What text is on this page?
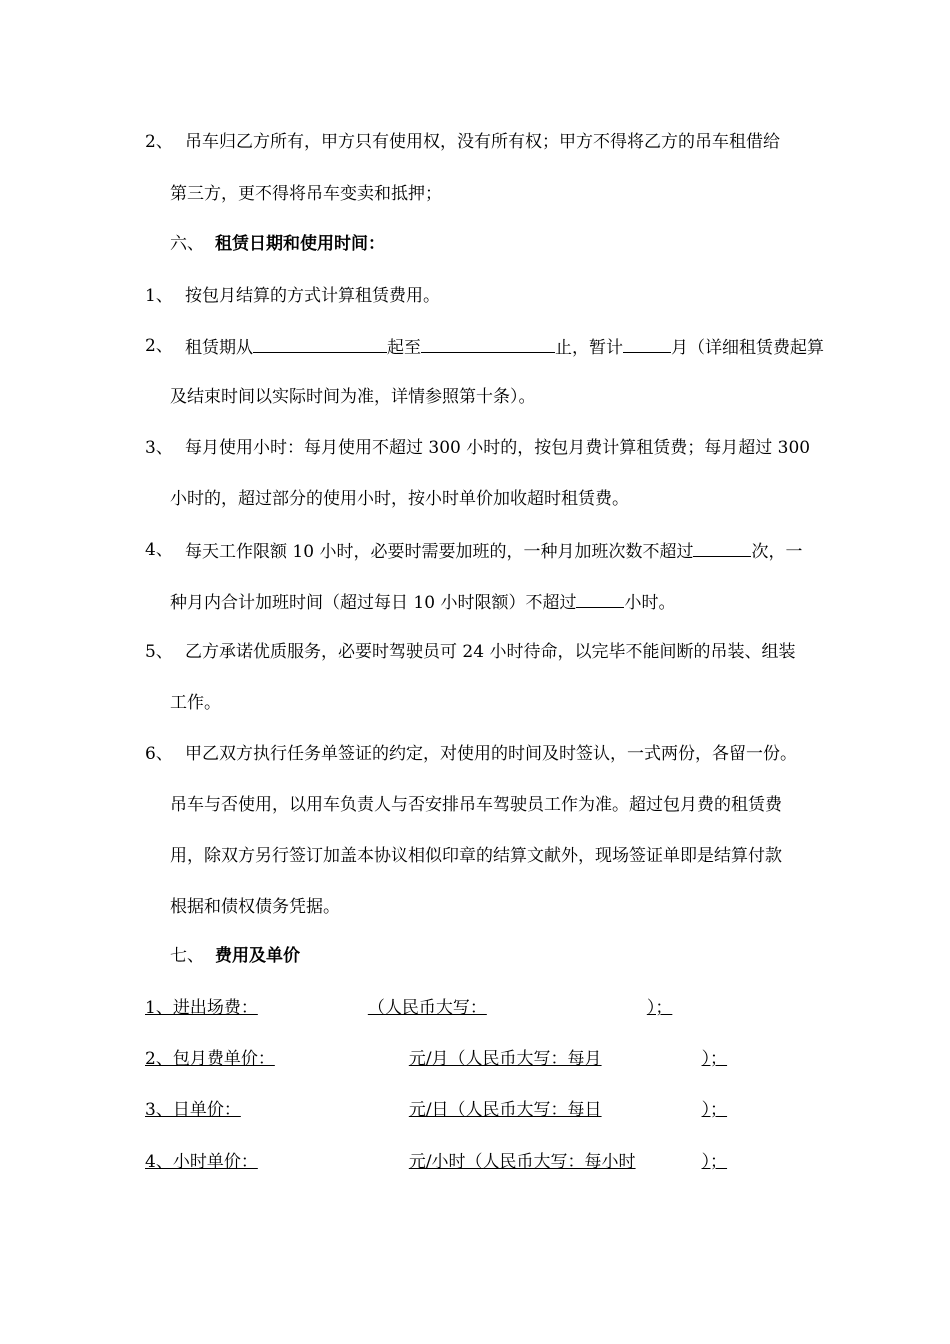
2、 吊车归乙方所有，甲方只有使用权，没有所有权；甲方不得将乙方的吊车租借给
第三方，更不得将吊车变卖和抵押；
六、 租赁日期和使用时间：
1、 按包月结算的方式计算租赁费用。
2、 租赁期从	起至	止，暂计	月（详细租赁费起算
及结束时间以实际时间为准，详情参照第十条）。
3、 每月使用小时：每月使用不超过 300 小时的，按包月费计算租赁费；每月超过 300
小时的，超过部分的使用小时，按小时单价加收超时租赁费。
4、 每天工作限额 10 小时，必要时需要加班的，一种月加班次数不超过	次，一
种月内合计加班时间（超过每日 10 小时限额）不超过	小时。
5、 乙方承诺优质服务，必要时驾驶员可 24 小时待命，以完毕不能间断的吊装、组装
工作。
6、 甲乙双方执行任务单签证的约定，对使用的时间及时签认，一式两份，各留一份。
吊车与否使用，以用车负责人与否安排吊车驾驶员工作为准。超过包月费的租赁费
用，除双方另行签订加盖本协议相似印章的结算文献外，现场签证单即是结算付款
根据和债权债务凭据。
七、 费用及单价
1、进出场费：　	（人民币大写：　	）；
2、包月费单价：　	元/月（人民币大写：每月　	）；
3、日单价：　	元/日（人民币大写：每日　	）；
4、小时单价：　	元/小时（人民币大写：每小时　	）；
